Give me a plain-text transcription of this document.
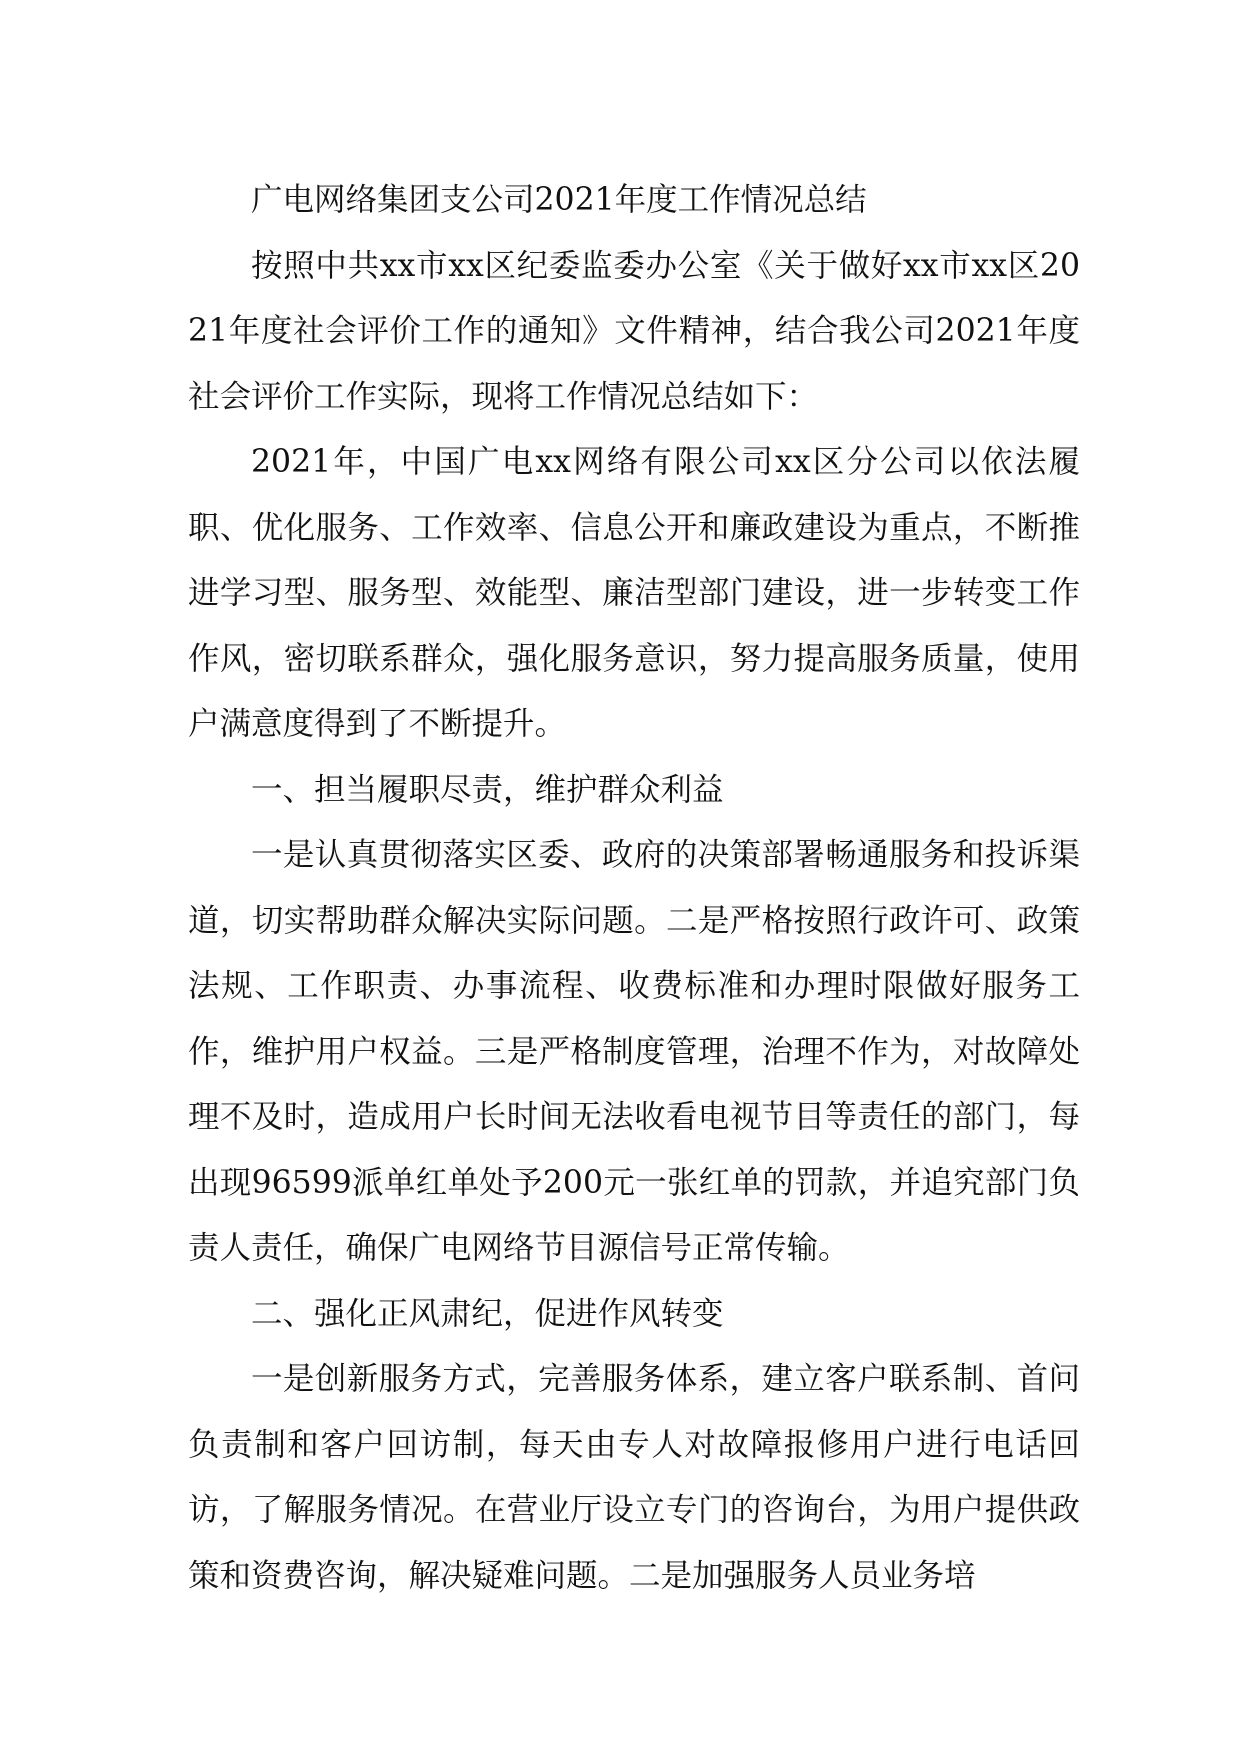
广电网络集团支公司2021年度工作情况总结

按照中共xx市xx区纪委监委办公室《关于做好xx市xx区2021年度社会评价工作的通知》文件精神，结合我公司2021年度社会评价工作实际，现将工作情况总结如下：

2021年，中国广电xx网络有限公司xx区分公司以依法履职、优化服务、工作效率、信息公开和廉政建设为重点，不断推进学习型、服务型、效能型、廉洁型部门建设，进一步转变工作作风，密切联系群众，强化服务意识，努力提高服务质量，使用户满意度得到了不断提升。

一、担当履职尽责，维护群众利益

一是认真贯彻落实区委、政府的决策部署畅通服务和投诉渠道，切实帮助群众解决实际问题。二是严格按照行政许可、政策法规、工作职责、办事流程、收费标准和办理时限做好服务工作，维护用户权益。三是严格制度管理，治理不作为，对故障处理不及时，造成用户长时间无法收看电视节目等责任的部门，每出现96599派单红单处予200元一张红单的罚款，并追究部门负责人责任，确保广电网络节目源信号正常传输。

二、强化正风肃纪，促进作风转变

一是创新服务方式，完善服务体系，建立客户联系制、首问负责制和客户回访制，每天由专人对故障报修用户进行电话回访，了解服务情况。在营业厅设立专门的咨询台，为用户提供政策和资费咨询，解决疑难问题。二是加强服务人员业务培
